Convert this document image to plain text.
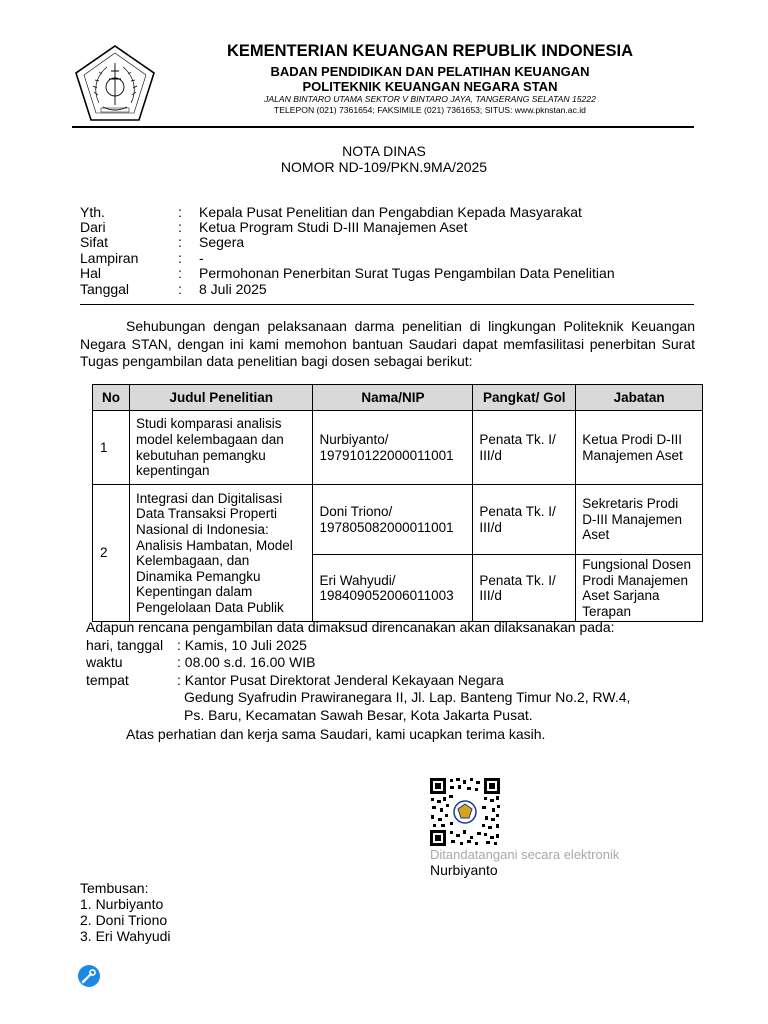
KEMENTERIAN KEUANGAN REPUBLIK INDONESIA
BADAN PENDIDIKAN DAN PELATIHAN KEUANGAN
POLITEKNIK KEUANGAN NEGARA STAN
JALAN BINTARO UTAMA SEKTOR V BINTARO JAYA, TANGERANG SELATAN 15222
TELEPON (021) 7361654; FAKSIMILE (021) 7361653; SITUS: www.pknstan.ac.id
NOTA DINAS
NOMOR ND-109/PKN.9MA/2025
Yth.	: Kepala Pusat Penelitian dan Pengabdian Kepada Masyarakat
Dari	: Ketua Program Studi D-III Manajemen Aset
Sifat	: Segera
Lampiran	: -
Hal	: Permohonan Penerbitan Surat Tugas Pengambilan Data Penelitian
Tanggal	: 8 Juli 2025
Sehubungan dengan pelaksanaan darma penelitian di lingkungan Politeknik Keuangan Negara STAN, dengan ini kami memohon bantuan Saudari dapat memfasilitasi penerbitan Surat Tugas pengambilan data penelitian bagi dosen sebagai berikut:
No	Judul Penelitian	Nama/NIP	Pangkat/ Gol	Jabatan
1	Studi komparasi analisis model kelembagaan dan kebutuhan pemangku kepentingan	Nurbiyanto/ 197910122000011001	Penata Tk. I/ III/d	Ketua Prodi D-III Manajemen Aset
2	Integrasi dan Digitalisasi Data Transaksi Properti Nasional di Indonesia: Analisis Hambatan, Model Kelembagaan, dan Dinamika Pemangku Kepentingan dalam Pengelolaan Data Publik	Doni Triono/ 197805082000011001	Penata Tk. I/ III/d	Sekretaris Prodi D-III Manajemen Aset
		Eri Wahyudi/ 198409052006011003	Penata Tk. I/ III/d	Fungsional Dosen Prodi Manajemen Aset Sarjana Terapan
Adapun rencana pengambilan data dimaksud direncanakan akan dilaksanakan pada:
hari, tanggal : Kamis, 10 Juli 2025
waktu	: 08.00 s.d. 16.00 WIB
tempat	: Kantor Pusat Direktorat Jenderal Kekayaan Negara
Gedung Syafrudin Prawiranegara II, Jl. Lap. Banteng Timur No.2, RW.4,
Ps. Baru, Kecamatan Sawah Besar, Kota Jakarta Pusat.
Atas perhatian dan kerja sama Saudari, kami ucapkan terima kasih.
Ditandatangani secara elektronik
Nurbiyanto
Tembusan:
1. Nurbiyanto
2. Doni Triono
3. Eri Wahyudi
